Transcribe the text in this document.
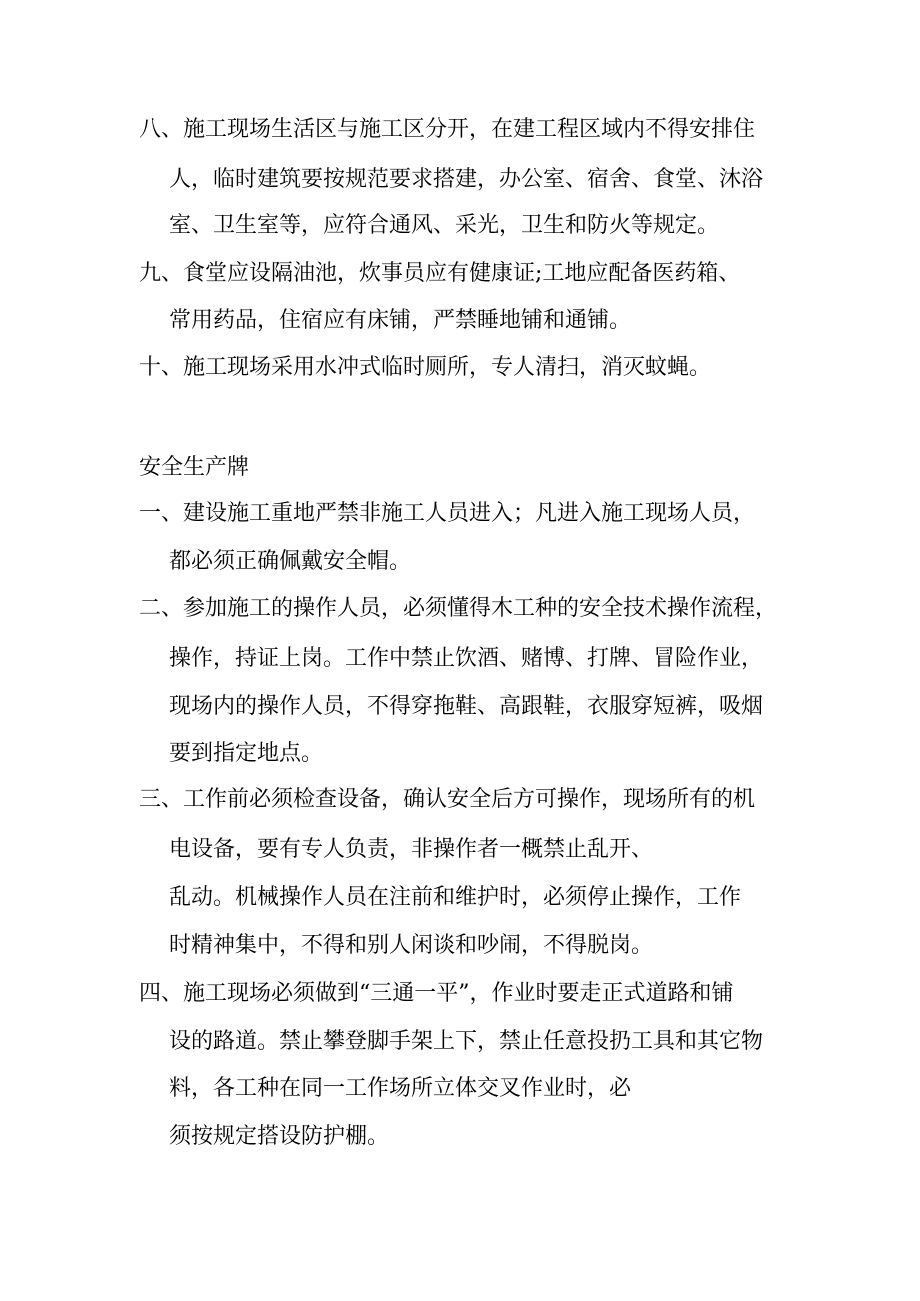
八、施工现场生活区与施工区分开，在建工程区域内不得安排住
人，临时建筑要按规范要求搭建，办公室、宿舍、食堂、沐浴
室、卫生室等，应符合通风、采光，卫生和防火等规定。
九、食堂应设隔油池，炊事员应有健康证;工地应配备医药箱、
常用药品，住宿应有床铺，严禁睡地铺和通铺。
十、施工现场采用水冲式临时厕所，专人清扫，消灭蚊蝇。
安全生产牌
一、建设施工重地严禁非施工人员进入；凡进入施工现场人员，
都必须正确佩戴安全帽。
二、参加施工的操作人员，必须懂得木工种的安全技术操作流程，
操作，持证上岗。工作中禁止饮酒、赌博、打牌、冒险作业，
现场内的操作人员，不得穿拖鞋、高跟鞋，衣服穿短裤，吸烟
要到指定地点。
三、工作前必须检查设备，确认安全后方可操作，现场所有的机
电设备，要有专人负责，非操作者一概禁止乱开、
乱动。机械操作人员在注前和维护时，必须停止操作，工作
时精神集中，不得和别人闲谈和吵闹，不得脱岗。
四、施工现场必须做到“三通一平”，作业时要走正式道路和铺
设的路道。禁止攀登脚手架上下，禁止任意投扔工具和其它物
料，各工种在同一工作场所立体交叉作业时，必
须按规定搭设防护棚。
